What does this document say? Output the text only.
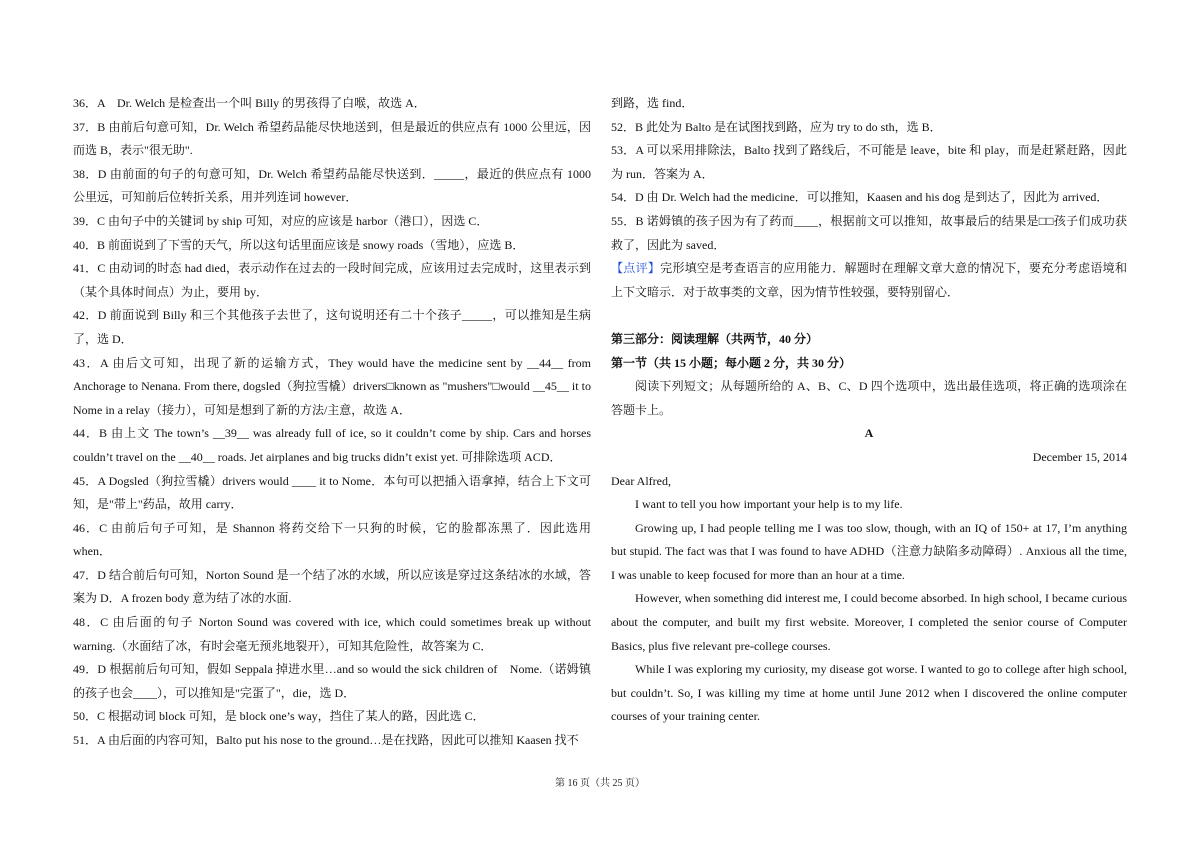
36．A　Dr. Welch 是检查出一个叫 Billy 的男孩得了白喉，故选 A．

37．B 由前后句意可知，Dr. Welch 希望药品能尽快地送到，但是最近的供应点有 1000 公里远，因而选 B，表示"很无助".

38．D 由前面的句子的句意可知，Dr. Welch 希望药品能尽快送到．_____，最近的供应点有 1000 公里远，可知前后位转折关系，用并列连词 however．

39．C 由句子中的关键词 by ship 可知，对应的应该是 harbor（港口），因选 C．

40．B 前面说到了下雪的天气，所以这句话里面应该是 snowy roads（雪地），应选 B．

41．C 由动词的时态 had died，表示动作在过去的一段时间完成，应该用过去完成时，这里表示到（某个具体时间点）为止，要用 by．

42．D 前面说到 Billy 和三个其他孩子去世了，这句说明还有二十个孩子_____，可以推知是生病了，选 D．

43．A 由后文可知，出现了新的运输方式，They would have the medicine sent by __44__ from Anchorage to Nenana. From there, dogsled（狗拉雪橇）drivers□known as "mushers"□would __45__ it to Nome in a relay（接力），可知是想到了新的方法/主意，故选 A．

44．B 由上文 The town’s __39__ was already full of ice, so it couldn’t come by ship. Cars and horses couldn’t travel on the __40__ roads. Jet airplanes and big trucks didn’t exist yet. 可排除选项 ACD．

45．A Dogsled（狗拉雪橇）drivers would ____ it to Nome．本句可以把插入语拿掉，结合上下文可知，是"带上"药品，故用 carry．

46．C 由前后句子可知，是 Shannon 将药交给下一只狗的时候，它的脸都冻黑了．因此选用 when．

47．D 结合前后句可知，Norton Sound 是一个结了冰的水域，所以应该是穿过这条结冰的水域，答案为 D．A frozen body 意为结了冰的水面.

48．C 由后面的句子 Norton Sound was covered with ice, which could sometimes break up without warning.（水面结了冰，有时会毫无预兆地裂开），可知其危险性，故答案为 C．

49．D 根据前后句可知，假如 Seppala 掉进水里…and so would the sick children of　Nome.（诺姆镇的孩子也会____），可以推知是"完蛋了"，die，选 D．

50．C 根据动词 block 可知，是 block one’s way，挡住了某人的路，因此选 C．

51．A 由后面的内容可知，Balto put his nose to the ground…是在找路，因此可以推知 Kaasen 找不

到路，选 find．

52．B 此处为 Balto 是在试图找到路，应为 try to do sth，选 B．

53．A 可以采用排除法，Balto 找到了路线后，不可能是 leave，bite 和 play，而是赶紧赶路，因此为 run．答案为 A．

54．D 由 Dr. Welch had the medicine．可以推知，Kaasen and his dog 是到达了，因此为 arrived．

55．B 诺姆镇的孩子因为有了药而____，根据前文可以推知，故事最后的结果是□□孩子们成功获救了，因此为 saved．

【点评】完形填空是考查语言的应用能力．解题时在理解文章大意的情况下，要充分考虑语境和上下文暗示．对于故事类的文章，因为情节性较强，要特别留心．

第三部分：阅读理解（共两节，40 分）

第一节（共 15 小题；每小题 2 分，共 30 分）

阅读下列短文；从每题所给的 A、B、C、D 四个选项中，选出最佳选项，将正确的选项涂在答题卡上。

A

December 15, 2014

Dear Alfred,

I want to tell you how important your help is to my life.

Growing up, I had people telling me I was too slow, though, with an IQ of 150+ at 17, I’m anything but stupid. The fact was that I was found to have ADHD（注意力缺陷多动障碍）. Anxious all the time, I was unable to keep focused for more than an hour at a time.

However, when something did interest me, I could become absorbed. In high school, I became curious about the computer, and built my first website. Moreover, I completed the senior course of Computer Basics, plus five relevant pre-college courses.

While I was exploring my curiosity, my disease got worse. I wanted to go to college after high school, but couldn’t. So, I was killing my time at home until June 2012 when I discovered the online computer courses of your training center.

第 16 页（共 25 页）
